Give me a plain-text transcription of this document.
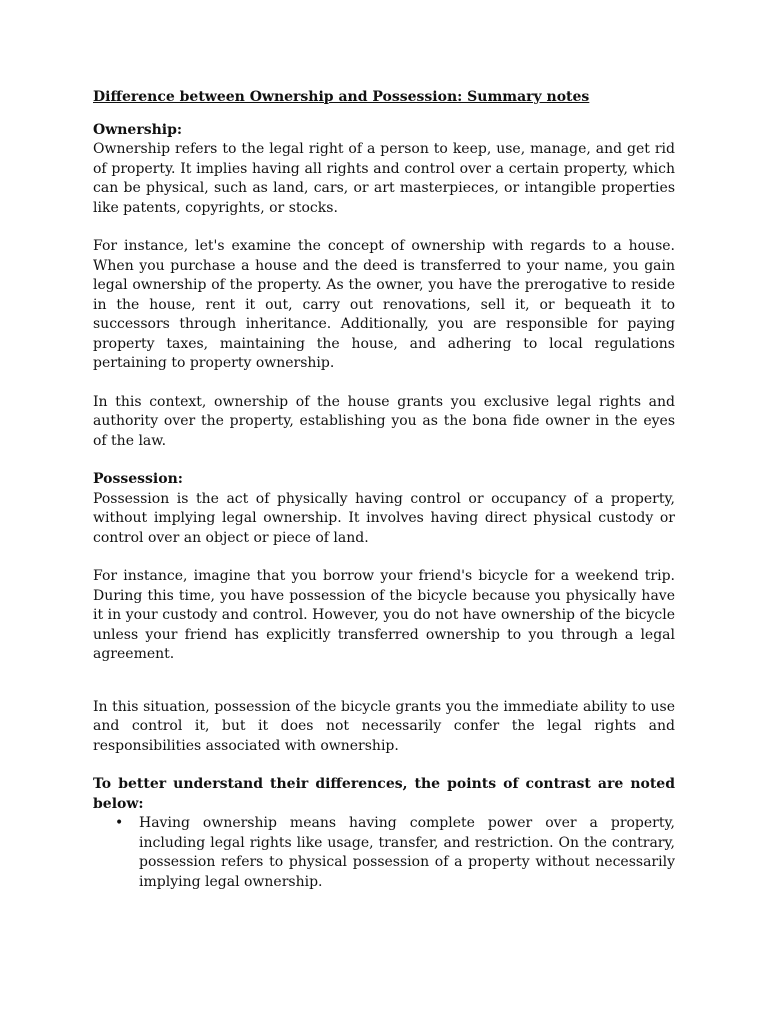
Difference between Ownership and Possession: Summary notes
Ownership:

Ownership refers to the legal right of a person to keep, use, manage, and get rid of property. It implies having all rights and control over a certain property, which can be physical, such as land, cars, or art masterpieces, or intangible properties like patents, copyrights, or stocks.

For instance, let's examine the concept of ownership with regards to a house. When you purchase a house and the deed is transferred to your name, you gain legal ownership of the property. As the owner, you have the prerogative to reside in the house, rent it out, carry out renovations, sell it, or bequeath it to successors through inheritance. Additionally, you are responsible for paying property taxes, maintaining the house, and adhering to local regulations pertaining to property ownership.

In this context, ownership of the house grants you exclusive legal rights and authority over the property, establishing you as the bona fide owner in the eyes of the law.

Possession:

Possession is the act of physically having control or occupancy of a property, without implying legal ownership. It involves having direct physical custody or control over an object or piece of land.

For instance, imagine that you borrow your friend's bicycle for a weekend trip. During this time, you have possession of the bicycle because you physically have it in your custody and control. However, you do not have ownership of the bicycle unless your friend has explicitly transferred ownership to you through a legal agreement.

In this situation, possession of the bicycle grants you the immediate ability to use and control it, but it does not necessarily confer the legal rights and responsibilities associated with ownership.

To better understand their differences, the points of contrast are noted below:
• Having ownership means having complete power over a property, including legal rights like usage, transfer, and restriction. On the contrary, possession refers to physical possession of a property without necessarily implying legal ownership.
